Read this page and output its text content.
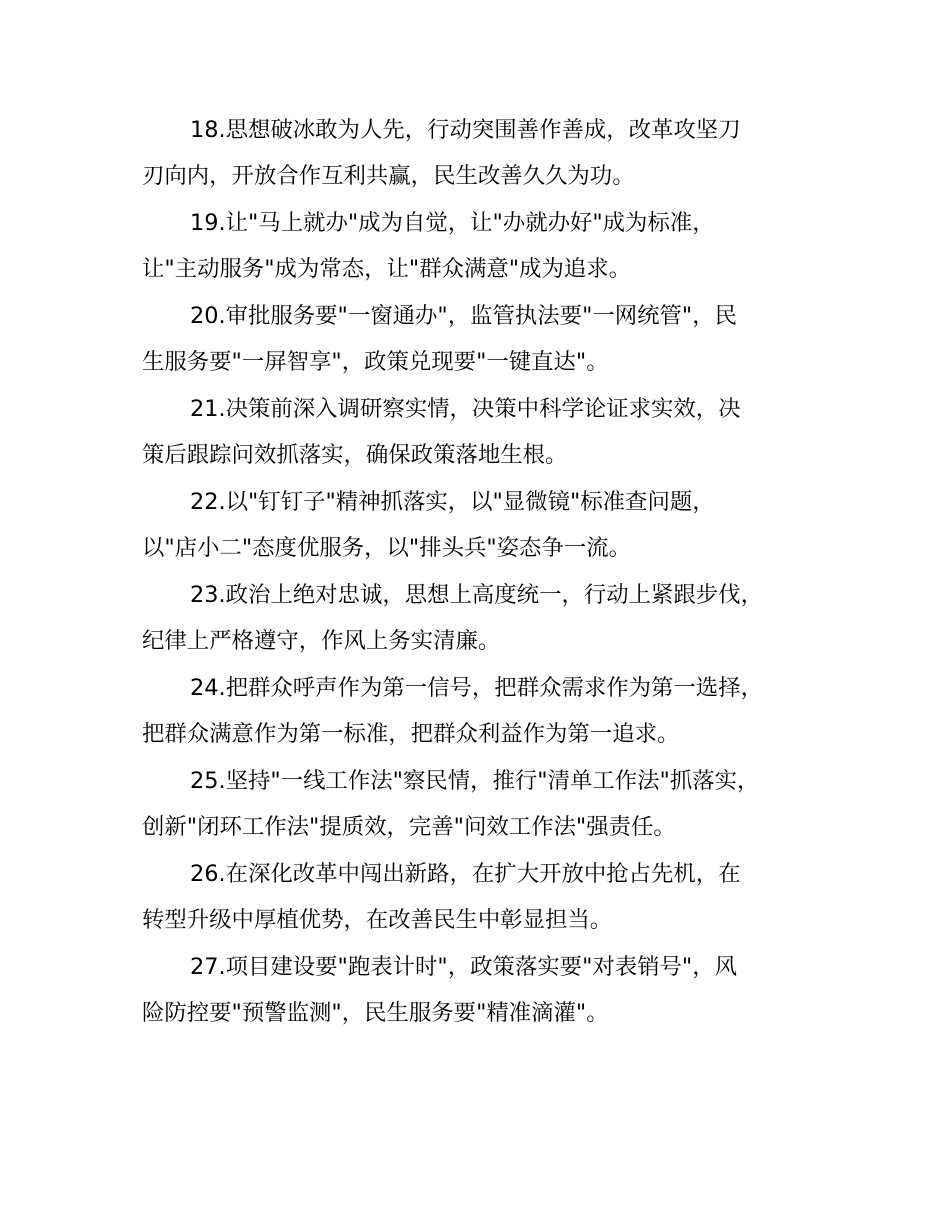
18.思想破冰敢为人先，行动突围善作善成，改革攻坚刀
刃向内，开放合作互利共赢，民生改善久久为功。
19.让"马上就办"成为自觉，让"办就办好"成为标准，
让"主动服务"成为常态，让"群众满意"成为追求。
20.审批服务要"一窗通办"，监管执法要"一网统管"，民
生服务要"一屏智享"，政策兑现要"一键直达"。
21.决策前深入调研察实情，决策中科学论证求实效，决
策后跟踪问效抓落实，确保政策落地生根。
22.以"钉钉子"精神抓落实，以"显微镜"标准查问题，
以"店小二"态度优服务，以"排头兵"姿态争一流。
23.政治上绝对忠诚，思想上高度统一，行动上紧跟步伐，
纪律上严格遵守，作风上务实清廉。
24.把群众呼声作为第一信号，把群众需求作为第一选择，
把群众满意作为第一标准，把群众利益作为第一追求。
25.坚持"一线工作法"察民情，推行"清单工作法"抓落实，
创新"闭环工作法"提质效，完善"问效工作法"强责任。
26.在深化改革中闯出新路，在扩大开放中抢占先机，在
转型升级中厚植优势，在改善民生中彰显担当。
27.项目建设要"跑表计时"，政策落实要"对表销号"，风
险防控要"预警监测"，民生服务要"精准滴灌"。
